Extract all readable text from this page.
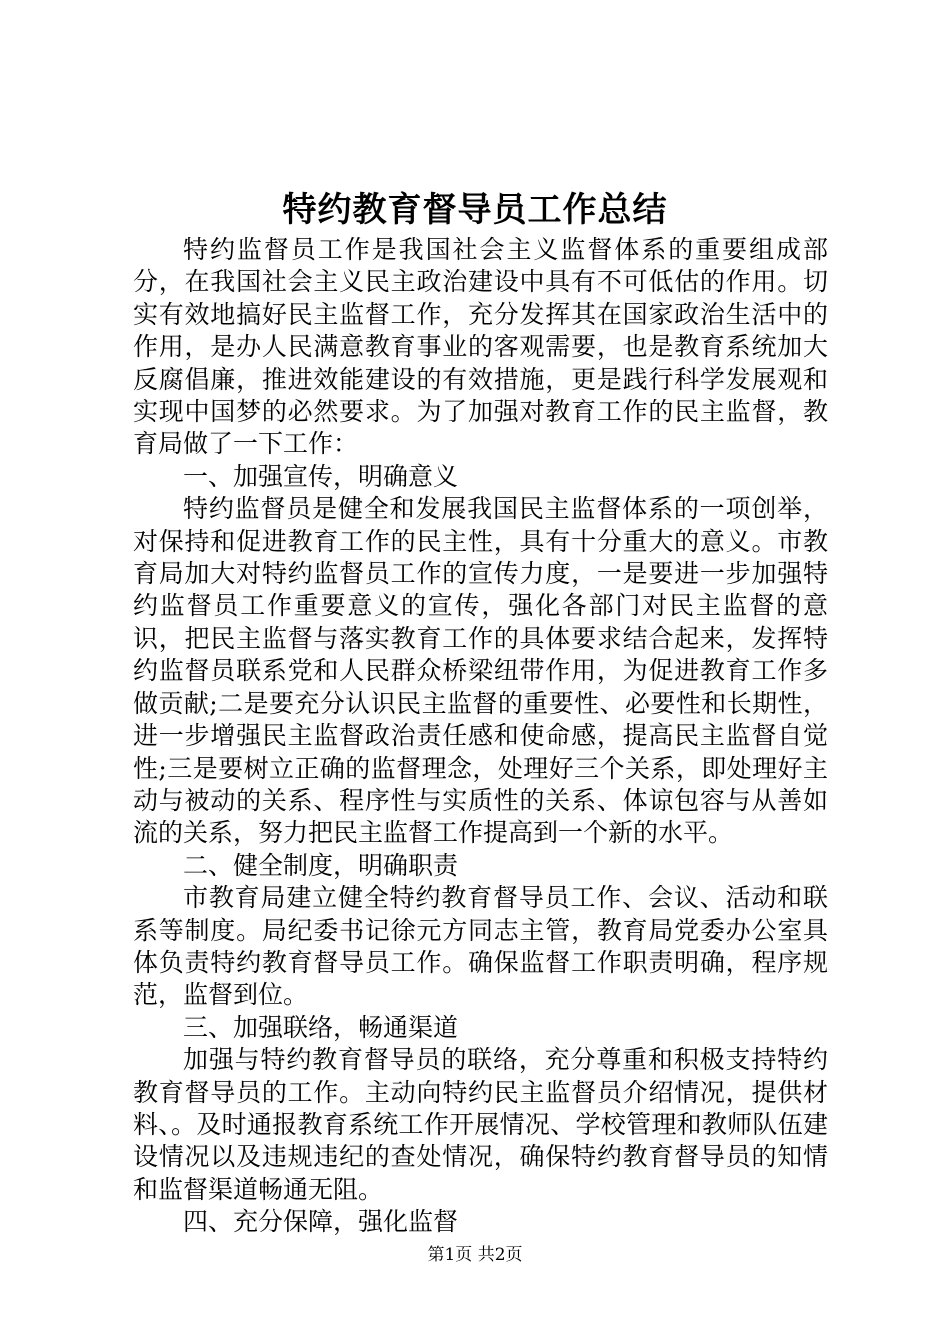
特约教育督导员工作总结

特约监督员工作是我国社会主义监督体系的重要组成部分，在我国社会主义民主政治建设中具有不可低估的作用。切实有效地搞好民主监督工作，充分发挥其在国家政治生活中的作用，是办人民满意教育事业的客观需要，也是教育系统加大反腐倡廉，推进效能建设的有效措施，更是践行科学发展观和实现中国梦的必然要求。为了加强对教育工作的民主监督，教育局做了一下工作：

一、加强宣传，明确意义

特约监督员是健全和发展我国民主监督体系的一项创举，对保持和促进教育工作的民主性，具有十分重大的意义。市教育局加大对特约监督员工作的宣传力度，一是要进一步加强特约监督员工作重要意义的宣传，强化各部门对民主监督的意识，把民主监督与落实教育工作的具体要求结合起来，发挥特约监督员联系党和人民群众桥梁纽带作用，为促进教育工作多做贡献;二是要充分认识民主监督的重要性、必要性和长期性，进一步增强民主监督政治责任感和使命感，提高民主监督自觉性;三是要树立正确的监督理念，处理好三个关系，即处理好主动与被动的关系、程序性与实质性的关系、体谅包容与从善如流的关系，努力把民主监督工作提高到一个新的水平。

二、健全制度，明确职责

市教育局建立健全特约教育督导员工作、会议、活动和联系等制度。局纪委书记徐元方同志主管，教育局党委办公室具体负责特约教育督导员工作。确保监督工作职责明确，程序规范，监督到位。

三、加强联络，畅通渠道

加强与特约教育督导员的联络，充分尊重和积极支持特约教育督导员的工作。主动向特约民主监督员介绍情况，提供材料、。及时通报教育系统工作开展情况、学校管理和教师队伍建设情况以及违规违纪的查处情况，确保特约教育督导员的知情和监督渠道畅通无阻。

四、充分保障，强化监督

第1页 共2页
